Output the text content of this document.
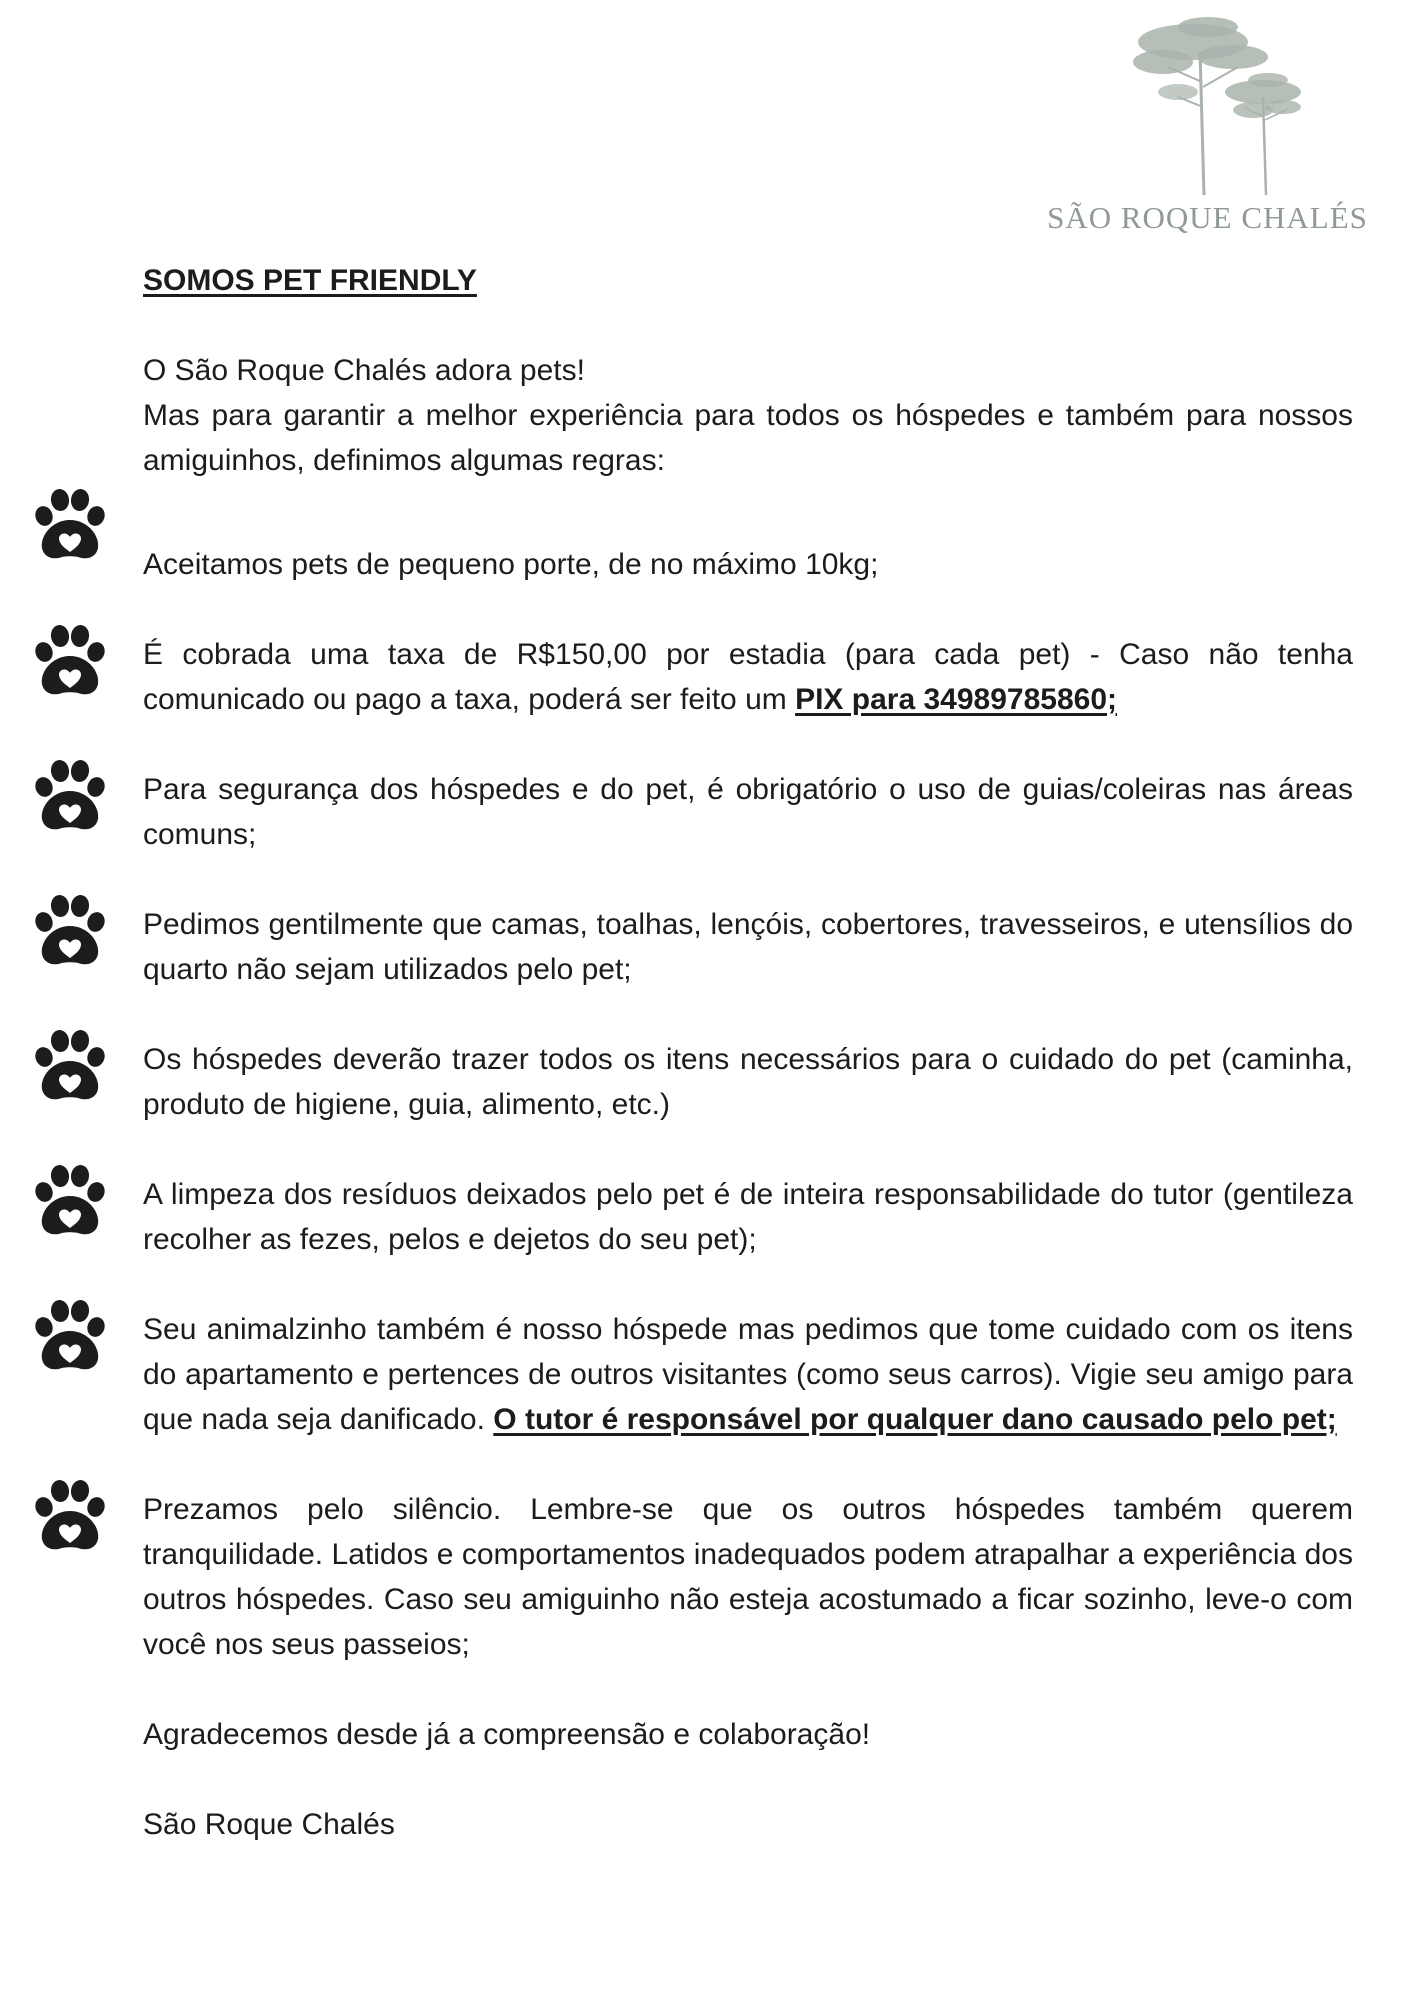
SÃO ROQUE CHALÉS
SOMOS PET FRIENDLY

O São Roque Chalés adora pets!

Mas para garantir a melhor experiência para todos os hóspedes e também para nossos amiguinhos, definimos algumas regras:

Aceitamos pets de pequeno porte, de no máximo 10kg;

É cobrada uma taxa de R$150,00 por estadia (para cada pet) - Caso não tenha comunicado ou pago a taxa, poderá ser feito um PIX para 34989785860;

Para segurança dos hóspedes e do pet, é obrigatório o uso de guias/coleiras nas áreas comuns;

Pedimos gentilmente que camas, toalhas, lençóis, cobertores, travesseiros, e utensílios do quarto não sejam utilizados pelo pet;

Os hóspedes deverão trazer todos os itens necessários para o cuidado do pet (caminha, produto de higiene, guia, alimento, etc.)

A limpeza dos resíduos deixados pelo pet é de inteira responsabilidade do tutor (gentileza recolher as fezes, pelos e dejetos do seu pet);

Seu animalzinho também é nosso hóspede mas pedimos que tome cuidado com os itens do apartamento e pertences de outros visitantes (como seus carros). Vigie seu amigo para que nada seja danificado. O tutor é responsável por qualquer dano causado pelo pet;

Prezamos pelo silêncio. Lembre-se que os outros hóspedes também querem tranquilidade. Latidos e comportamentos inadequados podem atrapalhar a experiência dos outros hóspedes. Caso seu amiguinho não esteja acostumado a ficar sozinho, leve-o com você nos seus passeios;

Agradecemos desde já a compreensão e colaboração!

São Roque Chalés
